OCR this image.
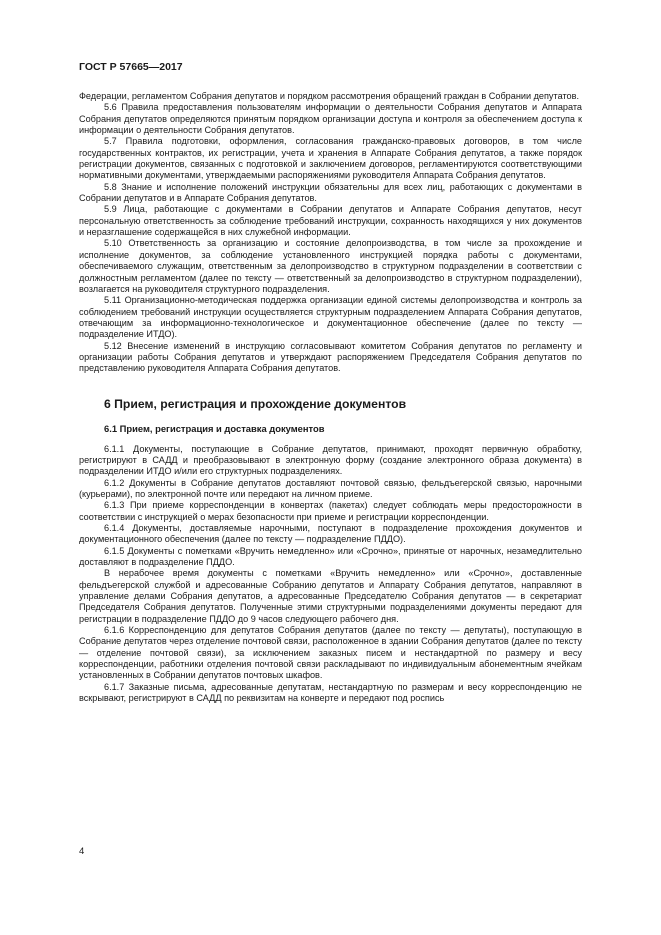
ГОСТ Р 57665—2017

Федерации, регламентом Собрания депутатов и порядком рассмотрения обращений граждан в Собрании депутатов.

5.6 Правила предоставления пользователям информации о деятельности Собрания депутатов и Аппарата Собрания депутатов определяются принятым порядком организации доступа и контроля за обеспечением доступа к информации о деятельности Собрания депутатов.

5.7 Правила подготовки, оформления, согласования гражданско-правовых договоров, в том числе государственных контрактов, их регистрации, учета и хранения в Аппарате Собрания депутатов, а также порядок регистрации документов, связанных с подготовкой и заключением договоров, регламентируются соответствующими нормативными документами, утверждаемыми распоряжениями руководителя Аппарата Собрания депутатов.

5.8 Знание и исполнение положений инструкции обязательны для всех лиц, работающих с документами в Собрании депутатов и в Аппарате Собрания депутатов.

5.9 Лица, работающие с документами в Собрании депутатов и Аппарате Собрания депутатов, несут персональную ответственность за соблюдение требований инструкции, сохранность находящихся у них документов и неразглашение содержащейся в них служебной информации.

5.10 Ответственность за организацию и состояние делопроизводства, в том числе за прохождение и исполнение документов, за соблюдение установленного инструкцией порядка работы с документами, обеспечиваемого служащим, ответственным за делопроизводство в структурном подразделении в соответствии с должностным регламентом (далее по тексту — ответственный за делопроизводство в структурном подразделении), возлагается на руководителя структурного подразделения.

5.11 Организационно-методическая поддержка организации единой системы делопроизводства и контроль за соблюдением требований инструкции осуществляется структурным подразделением Аппарата Собрания депутатов, отвечающим за информационно-технологическое и документационное обеспечение (далее по тексту — подразделение ИТДО).

5.12 Внесение изменений в инструкцию согласовывают комитетом Собрания депутатов по регламенту и организации работы Собрания депутатов и утверждают распоряжением Председателя Собрания депутатов по представлению руководителя Аппарата Собрания депутатов.

6 Прием, регистрация и прохождение документов
6.1 Прием, регистрация и доставка документов

6.1.1 Документы, поступающие в Собрание депутатов, принимают, проходят первичную обработку, регистрируют в САДД и преобразовывают в электронную форму (создание электронного образа документа) в подразделении ИТДО и/или его структурных подразделениях.

6.1.2 Документы в Собрание депутатов доставляют почтовой связью, фельдъегерской связью, нарочными (курьерами), по электронной почте или передают на личном приеме.

6.1.3 При приеме корреспонденции в конвертах (пакетах) следует соблюдать меры предосторожности в соответствии с инструкцией о мерах безопасности при приеме и регистрации корреспонденции.

6.1.4 Документы, доставляемые нарочными, поступают в подразделение прохождения документов и документационного обеспечения (далее по тексту — подразделение ПДДО).

6.1.5 Документы с пометками «Вручить немедленно» или «Срочно», принятые от нарочных, незамедлительно доставляют в подразделение ПДДО.

В нерабочее время документы с пометками «Вручить немедленно» или «Срочно», доставленные фельдъегерской службой и адресованные Собранию депутатов и Аппарату Собрания депутатов, направляют в управление делами Собрания депутатов, а адресованные Председателю Собрания депутатов — в секретариат Председателя Собрания депутатов. Полученные этими структурными подразделениями документы передают для регистрации в подразделение ПДДО до 9 часов следующего рабочего дня.

6.1.6 Корреспонденцию для депутатов Собрания депутатов (далее по тексту — депутаты), поступающую в Собрание депутатов через отделение почтовой связи, расположенное в здании Собрания депутатов (далее по тексту — отделение почтовой связи), за исключением заказных писем и нестандартной по размеру и весу корреспонденции, работники отделения почтовой связи раскладывают по индивидуальным абонементным ячейкам установленных в Собрании депутатов почтовых шкафов.

6.1.7 Заказные письма, адресованные депутатам, нестандартную по размерам и весу корреспонденцию не вскрывают, регистрируют в САДД по реквизитам на конверте и передают под роспись

4
